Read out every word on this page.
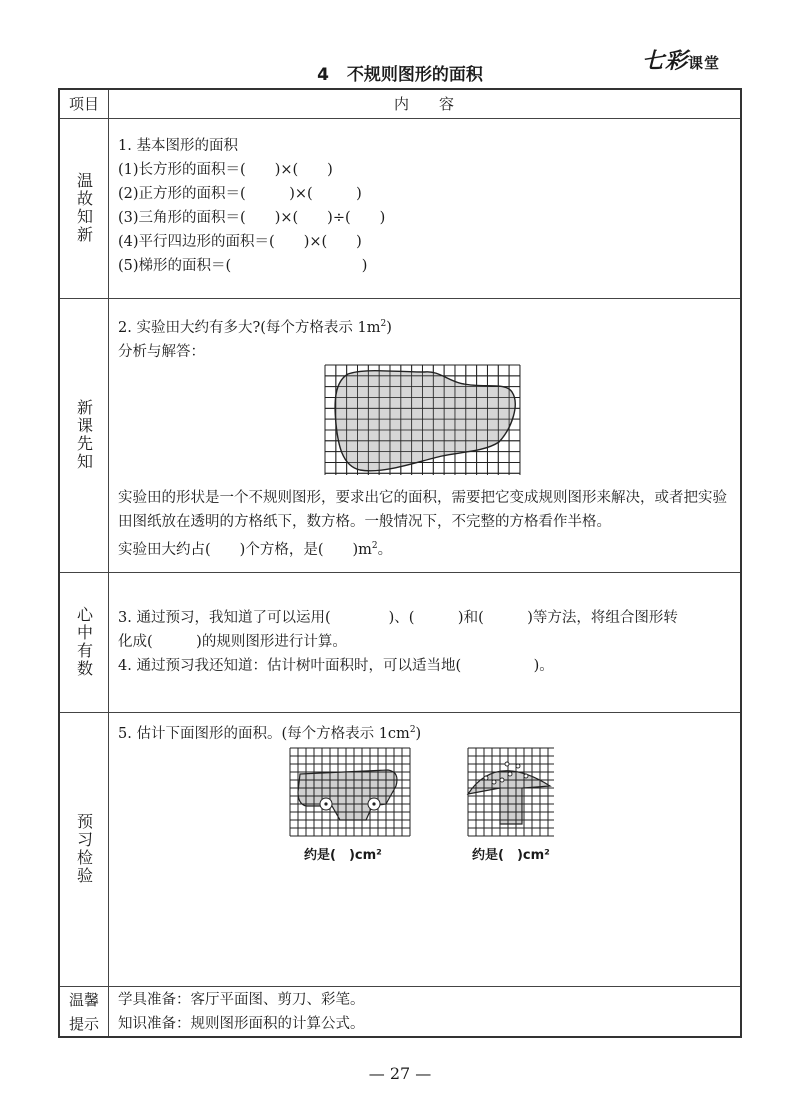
七彩课堂
4 不规则图形的面积
项目	内　　容
温故知新
1. 基本图形的面积
(1)长方形的面积＝(　　)×(　　)
(2)正方形的面积＝(　　　)×(　　　)
(3)三角形的面积＝(　　)×(　　)÷(　　)
(4)平行四边形的面积＝(　　)×(　　)
(5)梯形的面积＝(　　　　　　　　　)
新课先知
2. 实验田大约有多大?(每个方格表示 $1m^2$)
分析与解答：
实验田的形状是一个不规则图形，要求出它的面积，需要把它变成规则图形来解决，或者把实验田图纸放在透明的方格纸下，数方格。一般情况下，不完整的方格看作半格。
实验田大约占(　　)个方格，是(　　)$m^2$。
心中有数 3. 通过预习，我知道了可以运用(　　　　)、(　　　)和(　　　)等方法，将组合图形转
化成(　　　)的规则图形进行计算。
4. 通过预习我还知道：估计树叶面积时，可以适当地(　　　　　)。
预习检验
5. 估计下面图形的面积。(每个方格表示 $1cm^2$)
约是(　)cm²	约是(　)cm²
温馨
提示
学具准备：客厅平面图、剪刀、彩笔。
知识准备：规则图形面积的计算公式。
— 27 —
